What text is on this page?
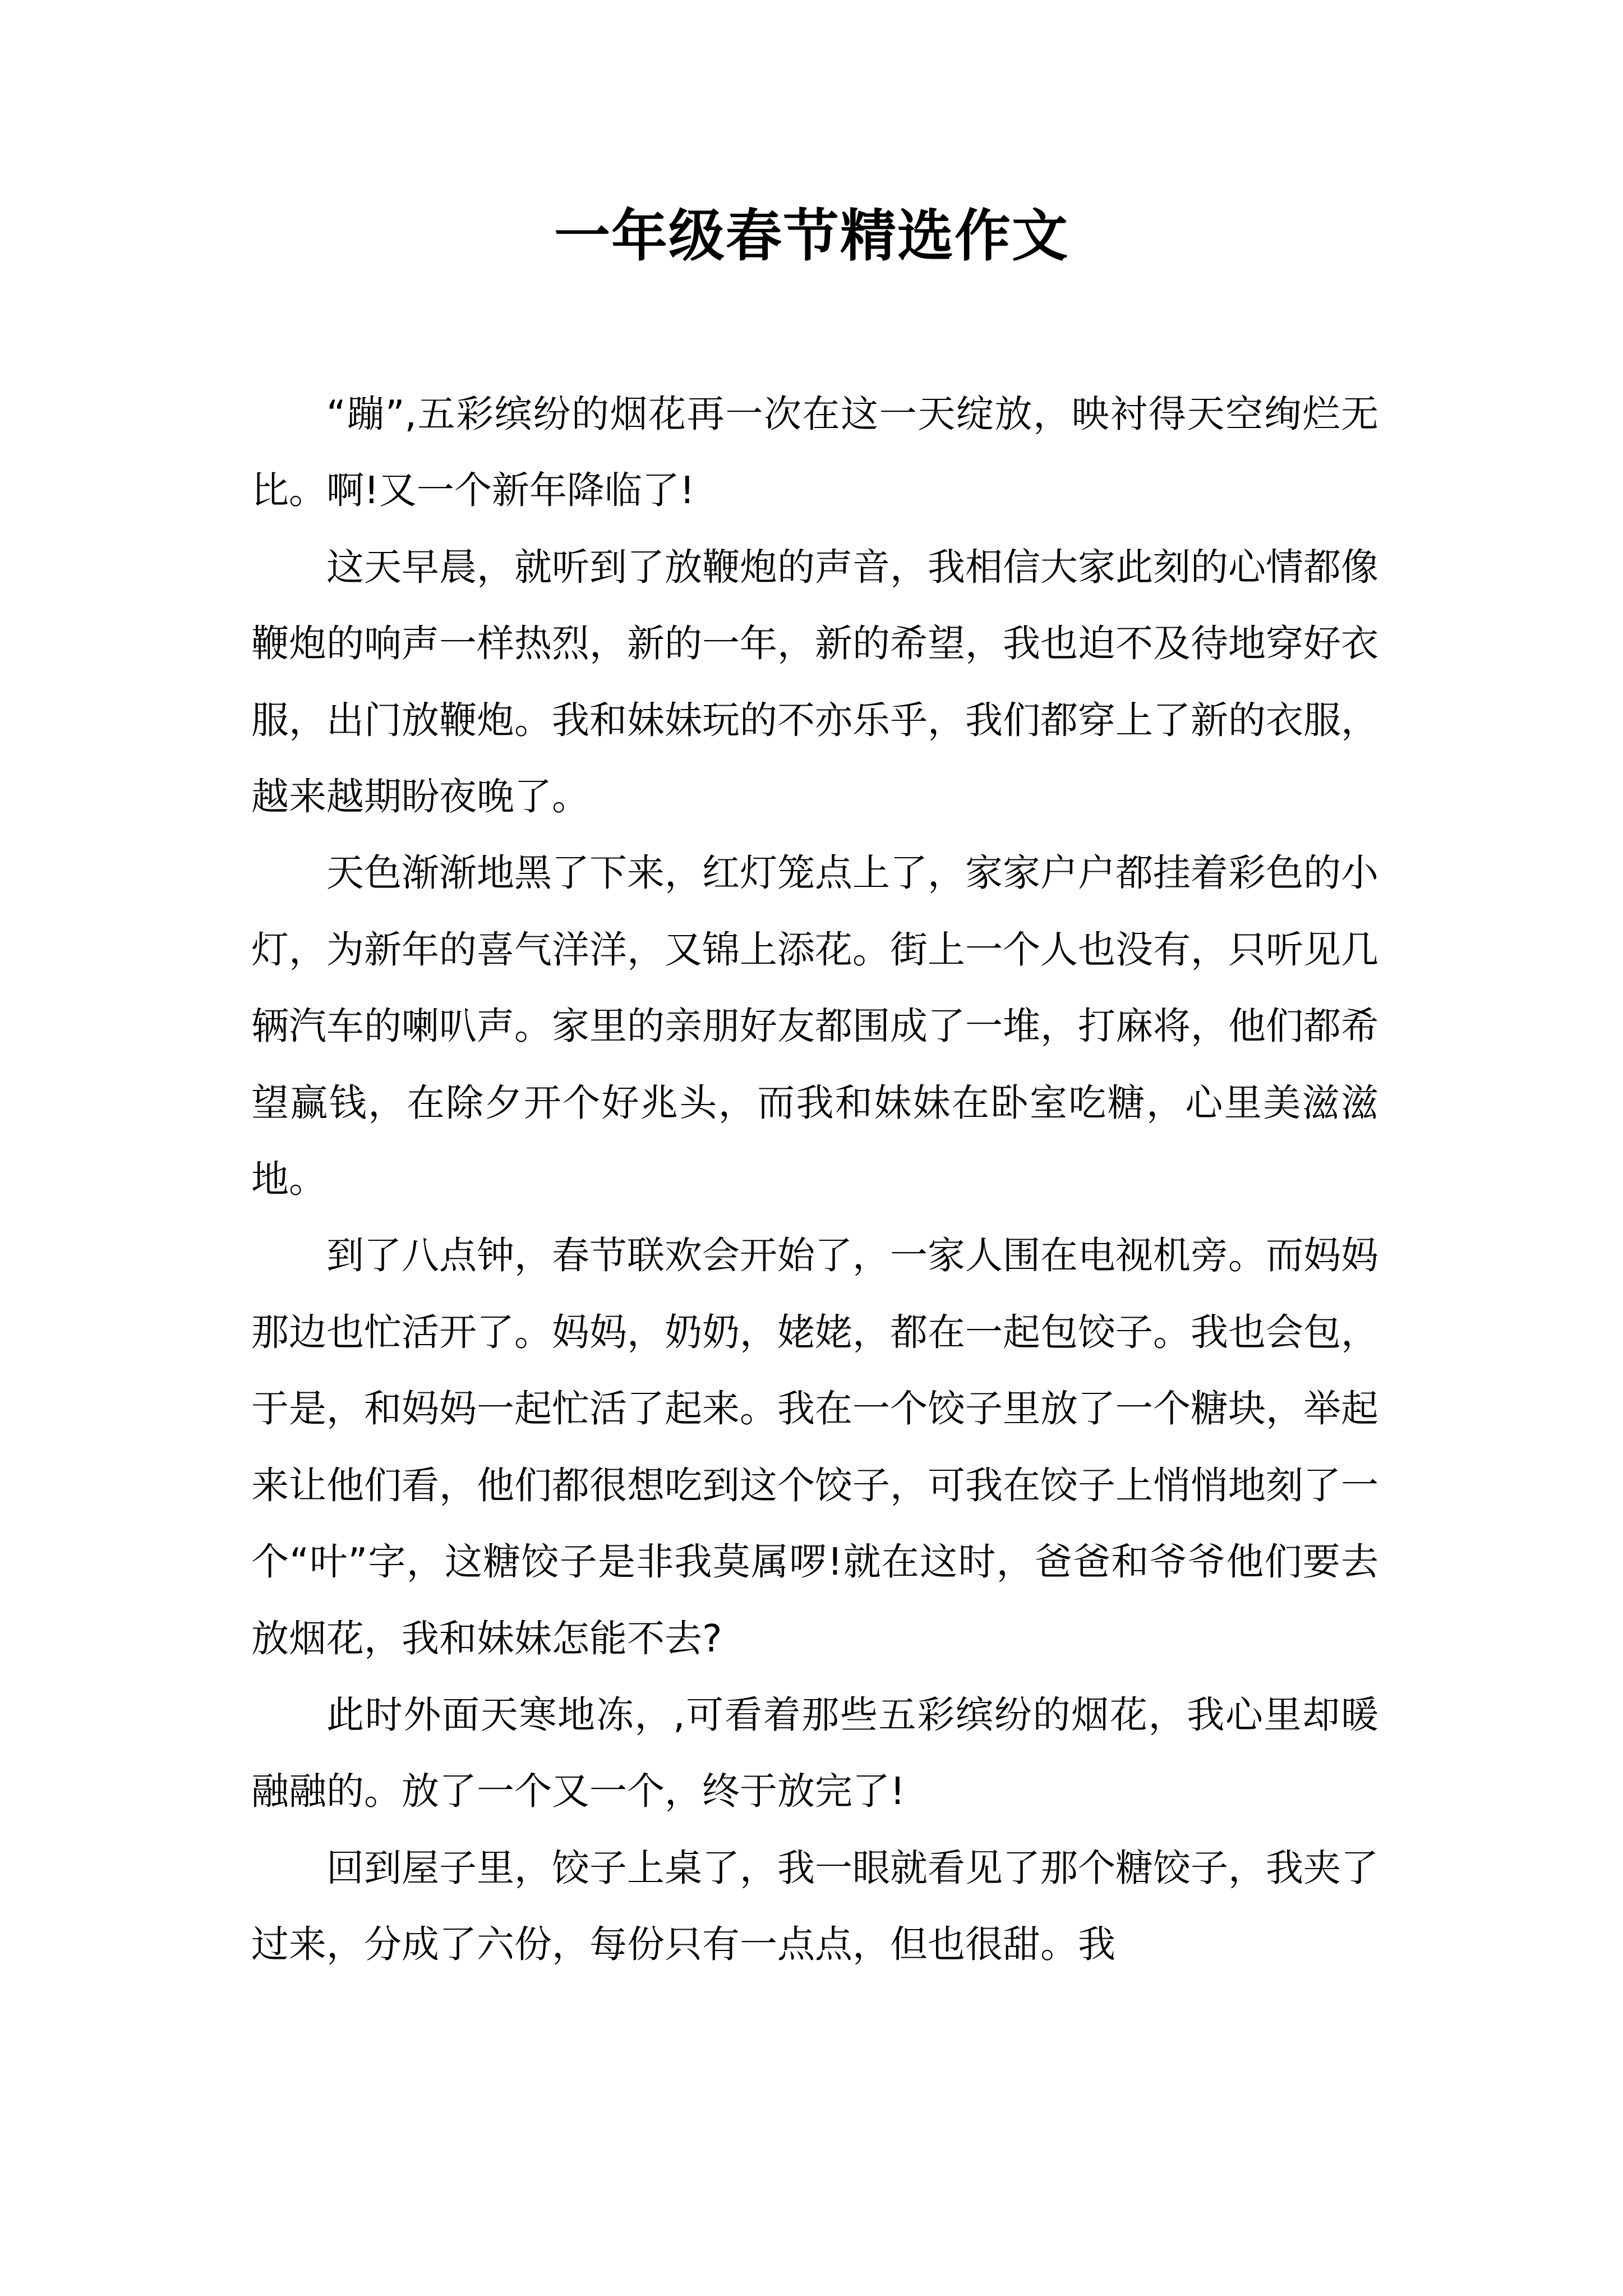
一年级春节精选作文

“蹦”,五彩缤纷的烟花再一次在这一天绽放，映衬得天空绚烂无比。啊!又一个新年降临了!

这天早晨，就听到了放鞭炮的声音，我相信大家此刻的心情都像鞭炮的响声一样热烈，新的一年，新的希望，我也迫不及待地穿好衣服，出门放鞭炮。我和妹妹玩的不亦乐乎，我们都穿上了新的衣服，越来越期盼夜晚了。

天色渐渐地黑了下来，红灯笼点上了，家家户户都挂着彩色的小灯，为新年的喜气洋洋，又锦上添花。街上一个人也没有，只听见几辆汽车的喇叭声。家里的亲朋好友都围成了一堆，打麻将，他们都希望赢钱，在除夕开个好兆头，而我和妹妹在卧室吃糖，心里美滋滋地。

到了八点钟，春节联欢会开始了，一家人围在电视机旁。而妈妈那边也忙活开了。妈妈，奶奶，姥姥，都在一起包饺子。我也会包，于是，和妈妈一起忙活了起来。我在一个饺子里放了一个糖块，举起来让他们看，他们都很想吃到这个饺子，可我在饺子上悄悄地刻了一个“叶”字，这糖饺子是非我莫属啰!就在这时，爸爸和爷爷他们要去放烟花，我和妹妹怎能不去?

此时外面天寒地冻，,可看着那些五彩缤纷的烟花，我心里却暖融融的。放了一个又一个，终于放完了!

回到屋子里，饺子上桌了，我一眼就看见了那个糖饺子，我夹了过来，分成了六份，每份只有一点点，但也很甜。我
